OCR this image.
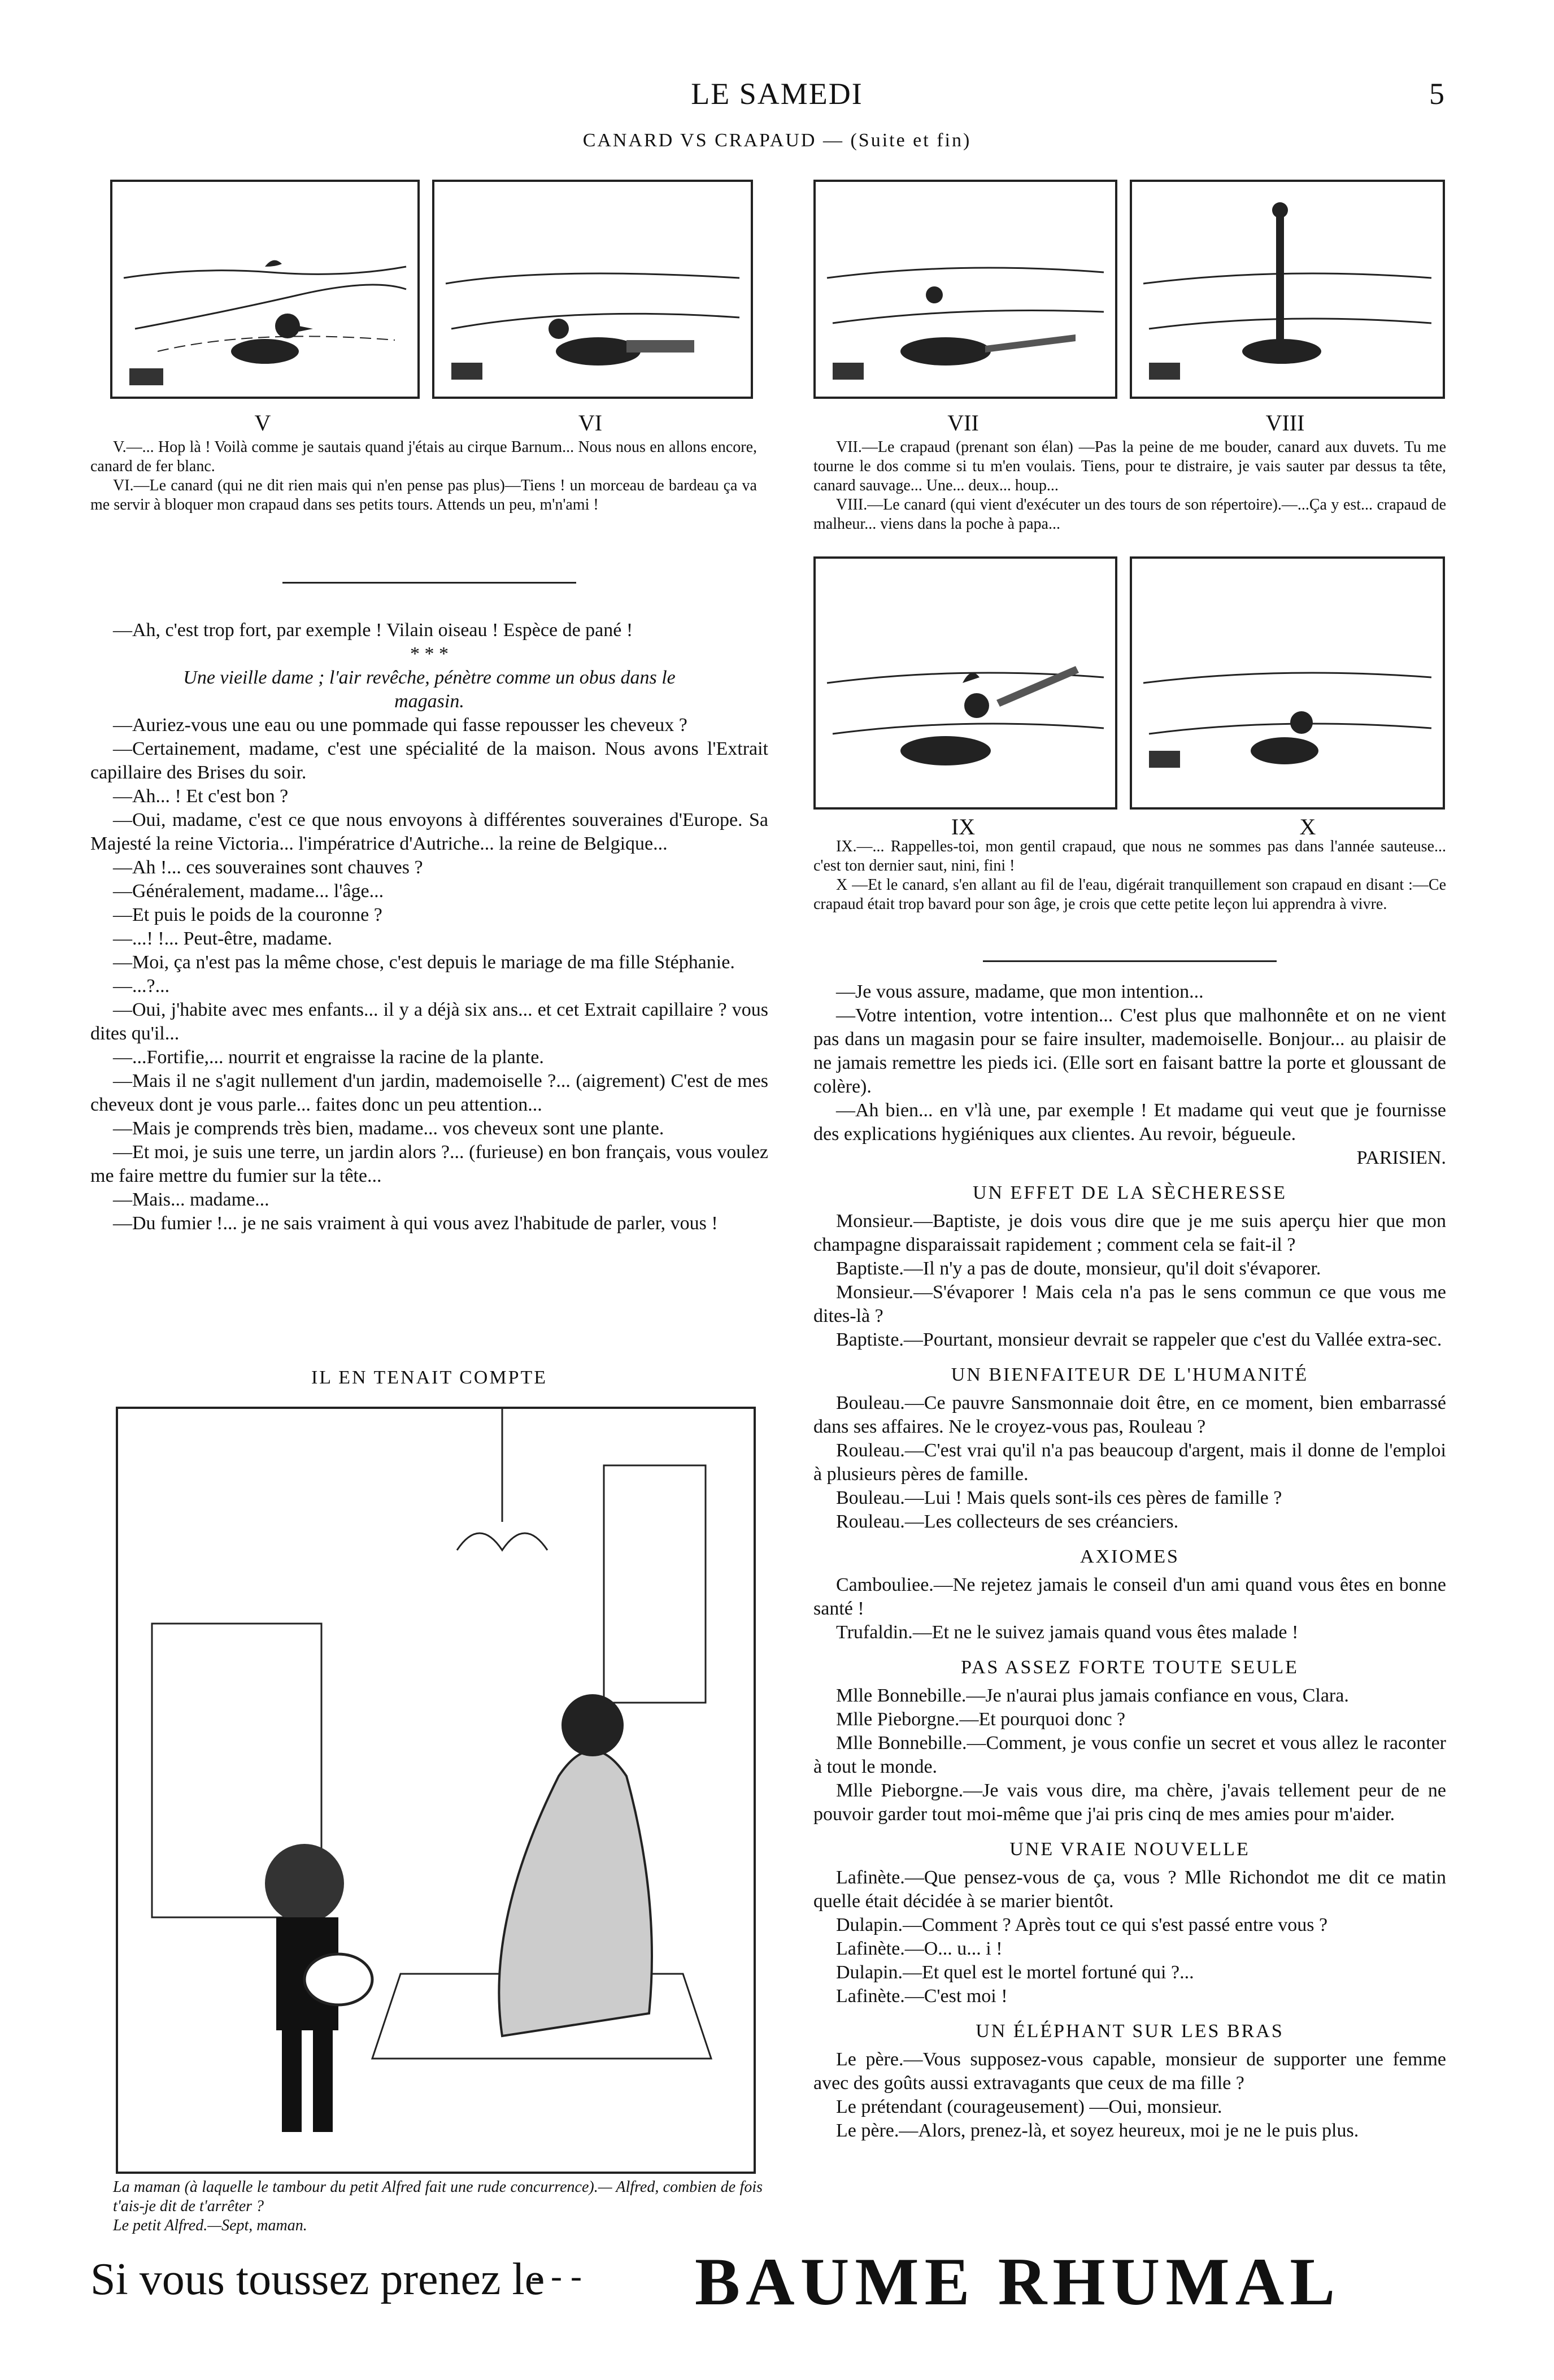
LE SAMEDI	5
CANARD VS CRAPAUD — (Suite et fin)
V	VI	VII	VIII

V.—... Hop là ! Voilà comme je sautais quand j'étais au cirque Barnum... Nous nous en allons encore, canard de fer blanc.

VI.—Le canard (qui ne dit rien mais qui n'en pense pas plus)—Tiens ! un morceau de bardeau ça va me servir à bloquer mon crapaud dans ses petits tours. Attends un peu, m'n'ami !

VII.—Le crapaud (prenant son élan) —Pas la peine de me bouder, canard aux duvets. Tu me tourne le dos comme si tu m'en voulais. Tiens, pour te distraire, je vais sauter par dessus ta tête, canard sauvage... Une... deux... houp...

VIII.—Le canard (qui vient d'exécuter un des tours de son répertoire).—...Ça y est... crapaud de malheur... viens dans la poche à papa...

IX	X

IX.—... Rappelles-toi, mon gentil crapaud, que nous ne sommes pas dans l'année sauteuse... c'est ton dernier saut, nini, fini !

X —Et le canard, s'en allant au fil de l'eau, digérait tranquillement son crapaud en disant :—Ce crapaud était trop bavard pour son âge, je crois que cette petite leçon lui apprendra à vivre.

—Ah, c'est trop fort, par exemple ! Vilain oiseau ! Espèce de pané !

* * *

Une vieille dame ; l'air revêche, pénètre comme un obus dans le magasin.

—Auriez-vous une eau ou une pommade qui fasse repousser les cheveux ?

—Certainement, madame, c'est une spécialité de la maison. Nous avons l'Extrait capillaire des Brises du soir.

—Ah... ! Et c'est bon ?

—Oui, madame, c'est ce que nous envoyons à différentes souveraines d'Europe. Sa Majesté la reine Victoria... l'impératrice d'Autriche... la reine de Belgique...

—Ah !... ces souveraines sont chauves ?

—Généralement, madame... l'âge...

—Et puis le poids de la couronne ?

—...! !... Peut-être, madame.

—Moi, ça n'est pas la même chose, c'est depuis le mariage de ma fille Stéphanie.

—...?...

—Oui, j'habite avec mes enfants... il y a déjà six ans... et cet Extrait capillaire ? vous dites qu'il...

—...Fortifie,... nourrit et engraisse la racine de la plante.

—Mais il ne s'agit nullement d'un jardin, mademoiselle ?... (aigrement) C'est de mes cheveux dont je vous parle... faites donc un peu attention...

—Mais je comprends très bien, madame... vos cheveux sont une plante.

—Et moi, je suis une terre, un jardin alors ?... (furieuse) en bon français, vous voulez me faire mettre du fumier sur la tête...

—Mais... madame...

—Du fumier !... je ne sais vraiment à qui vous avez l'habitude de parler, vous !

IL EN TENAIT COMPTE

La maman (à laquelle le tambour du petit Alfred fait une rude concurrence).— Alfred, combien de fois t'ais-je dit de t'arrêter ?

Le petit Alfred.—Sept, maman.

—Je vous assure, madame, que mon intention...

—Votre intention, votre intention... C'est plus que malhonnête et on ne vient pas dans un magasin pour se faire insulter, mademoiselle. Bonjour... au plaisir de ne jamais remettre les pieds ici. (Elle sort en faisant battre la porte et gloussant de colère).

—Ah bien... en v'là une, par exemple ! Et madame qui veut que je fournisse des explications hygiéniques aux clientes. Au revoir, bégueule.

PARISIEN.

UN EFFET DE LA SÈCHERESSE

Monsieur.—Baptiste, je dois vous dire que je me suis aperçu hier que mon champagne disparaissait rapidement ; comment cela se fait-il ?

Baptiste.—Il n'y a pas de doute, monsieur, qu'il doit s'évaporer.

Monsieur.—S'évaporer ! Mais cela n'a pas le sens commun ce que vous me dites-là ?

Baptiste.—Pourtant, monsieur devrait se rappeler que c'est du Vallée extra-sec.

UN BIENFAITEUR DE L'HUMANITÉ

Bouleau.—Ce pauvre Sansmonnaie doit être, en ce moment, bien embarrassé dans ses affaires. Ne le croyez-vous pas, Rouleau ?

Rouleau.—C'est vrai qu'il n'a pas beaucoup d'argent, mais il donne de l'emploi à plusieurs pères de famille.

Bouleau.—Lui ! Mais quels sont-ils ces pères de famille ?

Rouleau.—Les collecteurs de ses créanciers.

AXIOMES

Cambouliee.—Ne rejetez jamais le conseil d'un ami quand vous êtes en bonne santé !

Trufaldin.—Et ne le suivez jamais quand vous êtes malade !

PAS ASSEZ FORTE TOUTE SEULE

Mlle Bonnebille.—Je n'aurai plus jamais confiance en vous, Clara.

Mlle Pieborgne.—Et pourquoi donc ?

Mlle Bonnebille.—Comment, je vous confie un secret et vous allez le raconter à tout le monde.

Mlle Pieborgne.—Je vais vous dire, ma chère, j'avais tellement peur de ne pouvoir garder tout moi-même que j'ai pris cinq de mes amies pour m'aider.

UNE VRAIE NOUVELLE

Lafinète.—Que pensez-vous de ça, vous ? Mlle Richondot me dit ce matin quelle était décidée à se marier bientôt.

Dulapin.—Comment ? Après tout ce qui s'est passé entre vous ?

Lafinète.—O... u... i !

Dulapin.—Et quel est le mortel fortuné qui ?...

Lafinète.—C'est moi !

UN ÉLÉPHANT SUR LES BRAS

Le père.—Vous supposez-vous capable, monsieur de supporter une femme avec des goûts aussi extravagants que ceux de ma fille ?

Le prétendant (courageusement) —Oui, monsieur.

Le père.—Alors, prenez-là, et soyez heureux, moi je ne le puis plus.

Si vous toussez prenez le
- - - BAUME RHUMAL
